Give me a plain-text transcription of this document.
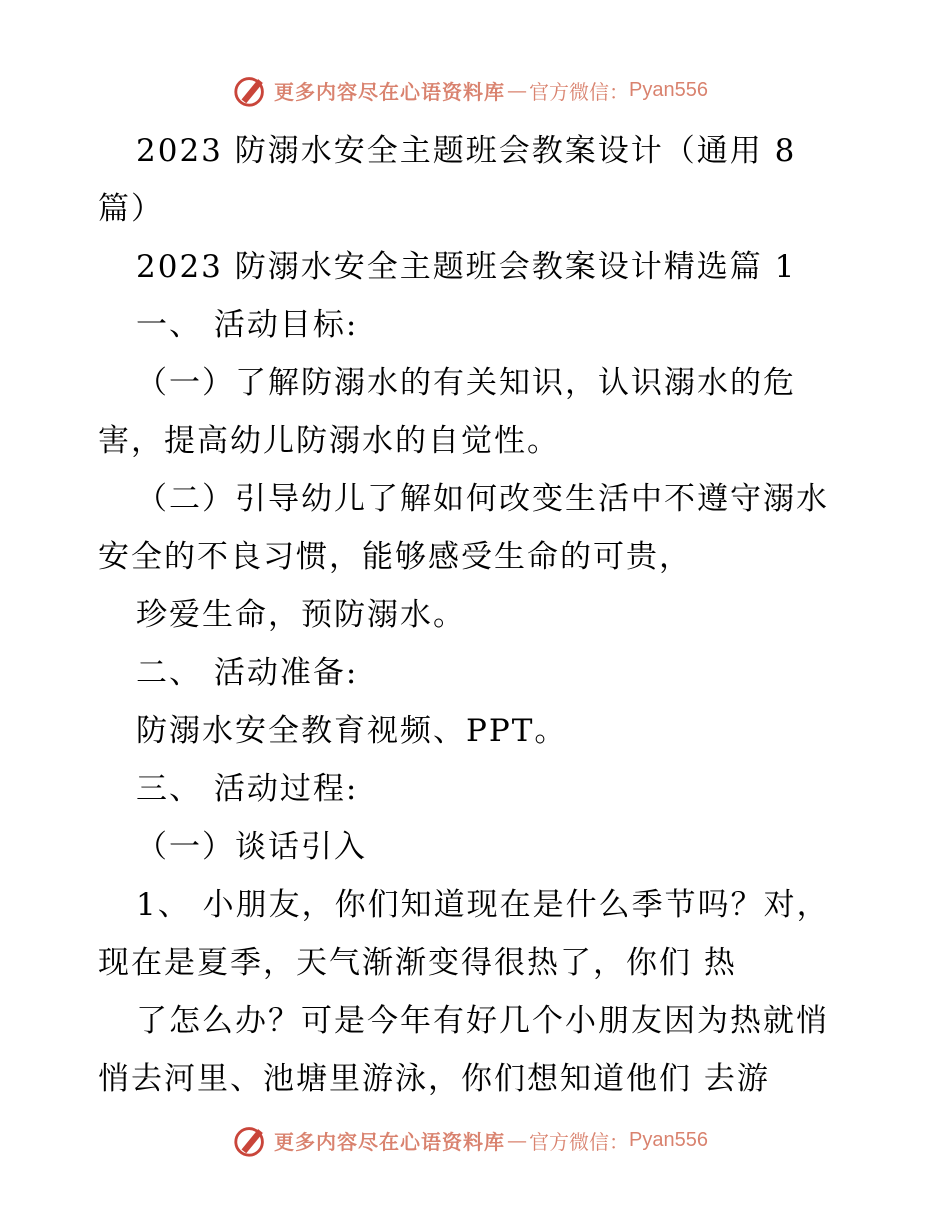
更多内容尽在心语资料库 — 官方微信： Pyan556

2023 防溺水安全主题班会教案设计（通用 8

篇）

2023 防溺水安全主题班会教案设计精选篇 1

一、 活动目标:

（一）了解防溺水的有关知识，认识溺水的危

害，提高幼儿防溺水的自觉性。

（二）引导幼儿了解如何改变生活中不遵守溺水

安全的不良习惯，能够感受生命的可贵，

珍爱生命，预防溺水。

二、 活动准备:

防溺水安全教育视频、PPT。

三、 活动过程:

（一）谈话引入

1、 小朋友，你们知道现在是什么季节吗？对，

现在是夏季，天气渐渐变得很热了，你们 热

了怎么办？可是今年有好几个小朋友因为热就悄

悄去河里、池塘里游泳，你们想知道他们 去游

更多内容尽在心语资料库 — 官方微信： Pyan556
